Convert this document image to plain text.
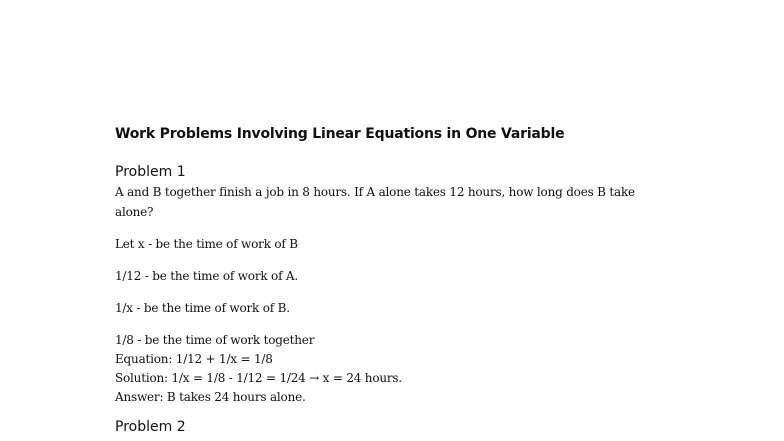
Work Problems Involving Linear Equations in One Variable

Problem 1

A and B together finish a job in 8 hours. If A alone takes 12 hours, how long does B take alone?

Let x - be the time of work of B

1/12 - be the time of work of A.

1/x - be the time of work of B.

1/8 - be the time of work together

Equation: 1/12 + 1/x = 1/8

Solution: 1/x = 1/8 - 1/12 = 1/24 → x = 24 hours.

Answer: B takes 24 hours alone.

Problem 2
